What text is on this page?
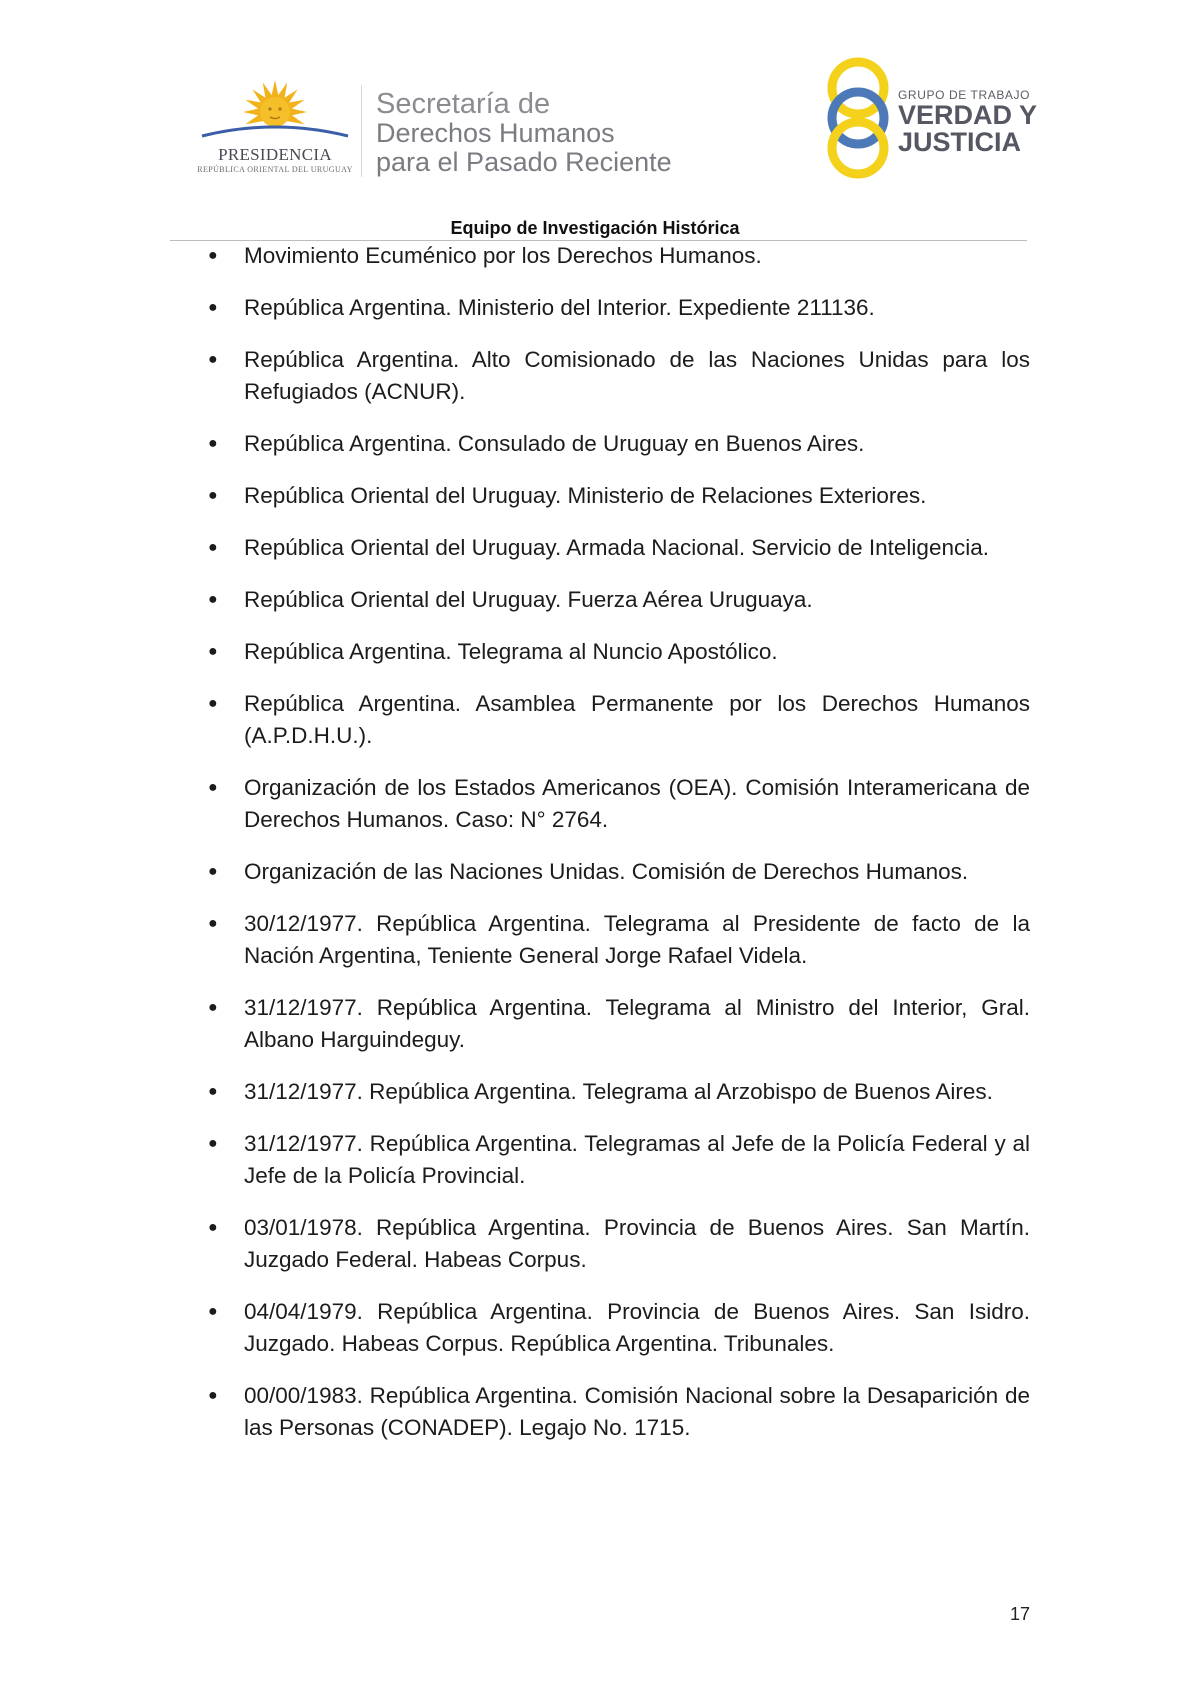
PRESIDENCIA
REPÚBLICA ORIENTAL DEL URUGUAY
Secretaría de
Derechos Humanos
para el Pasado Reciente
GRUPO DE TRABAJO
VERDAD Y
JUSTICIA
Equipo de Investigación Histórica
● Movimiento Ecuménico por los Derechos Humanos.
● República Argentina. Ministerio del Interior. Expediente 211136.
● República Argentina. Alto Comisionado de las Naciones Unidas para los Refugiados (ACNUR).
● República Argentina. Consulado de Uruguay en Buenos Aires.
● República Oriental del Uruguay. Ministerio de Relaciones Exteriores.
● República Oriental del Uruguay. Armada Nacional. Servicio de Inteligencia.
● República Oriental del Uruguay. Fuerza Aérea Uruguaya.
● República Argentina. Telegrama al Nuncio Apostólico.
● República Argentina. Asamblea Permanente por los Derechos Humanos (A.P.D.H.U.).
● Organización de los Estados Americanos (OEA). Comisión Interamericana de Derechos Humanos. Caso: N° 2764.
● Organización de las Naciones Unidas. Comisión de Derechos Humanos.
● 30/12/1977. República Argentina. Telegrama al Presidente de facto de la Nación Argentina, Teniente General Jorge Rafael Videla.
● 31/12/1977. República Argentina. Telegrama al Ministro del Interior, Gral. Albano Harguindeguy.
● 31/12/1977. República Argentina. Telegrama al Arzobispo de Buenos Aires.
● 31/12/1977. República Argentina. Telegramas al Jefe de la Policía Federal y al Jefe de la Policía Provincial.
● 03/01/1978. República Argentina. Provincia de Buenos Aires. San Martín. Juzgado Federal. Habeas Corpus.
● 04/04/1979. República Argentina. Provincia de Buenos Aires. San Isidro. Juzgado. Habeas Corpus. República Argentina. Tribunales.
● 00/00/1983. República Argentina. Comisión Nacional sobre la Desaparición de las Personas (CONADEP). Legajo No. 1715.
17
